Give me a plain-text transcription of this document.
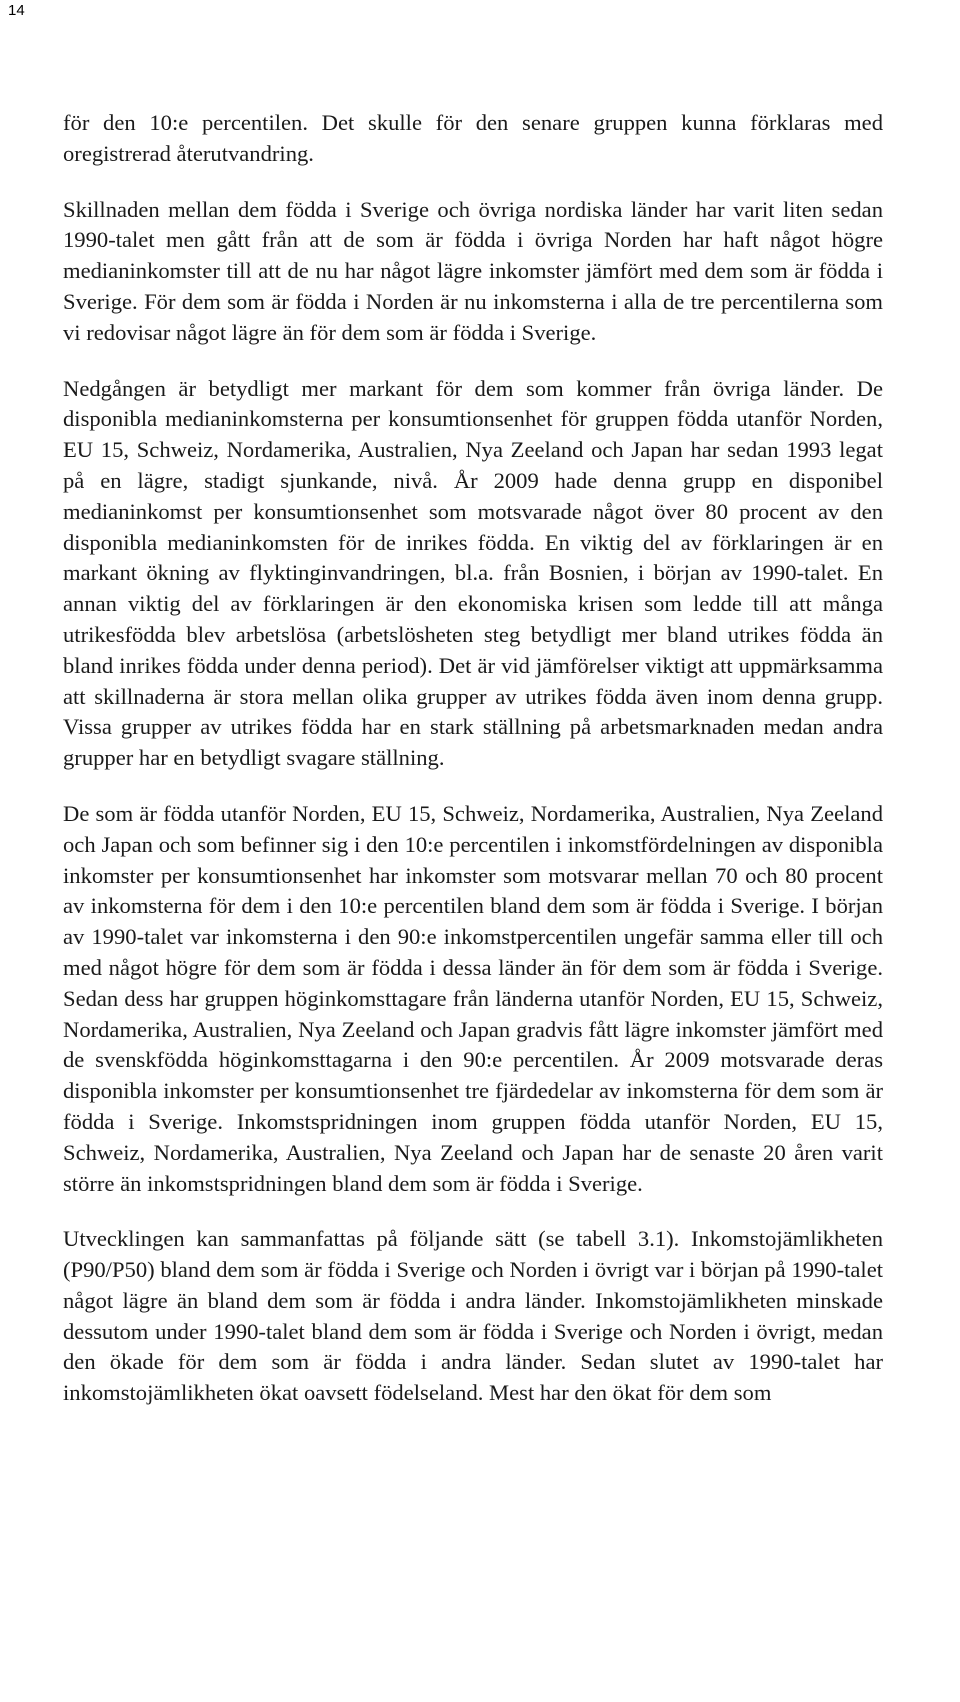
14

för den 10:e percentilen. Det skulle för den senare gruppen kunna förklaras med oregistrerad återutvandring.

Skillnaden mellan dem födda i Sverige och övriga nordiska länder har varit liten sedan 1990-talet men gått från att de som är födda i övriga Norden har haft något högre medianinkomster till att de nu har något lägre inkomster jämfört med dem som är födda i Sverige. För dem som är födda i Norden är nu inkomsterna i alla de tre percentilerna som vi redovisar något lägre än för dem som är födda i Sverige.

Nedgången är betydligt mer markant för dem som kommer från övriga länder. De disponibla medianinkomsterna per konsumtionsenhet för gruppen födda utanför Norden, EU 15, Schweiz, Nordamerika, Australien, Nya Zeeland och Japan har sedan 1993 legat på en lägre, stadigt sjunkande, nivå. År 2009 hade denna grupp en disponibel medianinkomst per konsumtionsenhet som motsvarade något över 80 procent av den disponibla medianinkomsten för de inrikes födda. En viktig del av förklaringen är en markant ökning av flyktinginvandringen, bl.a. från Bosnien, i början av 1990-talet. En annan viktig del av förklaringen är den ekonomiska krisen som ledde till att många utrikesfödda blev arbetslösa (arbetslösheten steg betydligt mer bland utrikes födda än bland inrikes födda under denna period). Det är vid jämförelser viktigt att uppmärksamma att skillnaderna är stora mellan olika grupper av utrikes födda även inom denna grupp. Vissa grupper av utrikes födda har en stark ställning på arbetsmarknaden medan andra grupper har en betydligt svagare ställning.

De som är födda utanför Norden, EU 15, Schweiz, Nordamerika, Australien, Nya Zeeland och Japan och som befinner sig i den 10:e percentilen i inkomstfördelningen av disponibla inkomster per konsumtionsenhet har inkomster som motsvarar mellan 70 och 80 procent av inkomsterna för dem i den 10:e percentilen bland dem som är födda i Sverige. I början av 1990-talet var inkomsterna i den 90:e inkomstpercentilen ungefär samma eller till och med något högre för dem som är födda i dessa länder än för dem som är födda i Sverige. Sedan dess har gruppen höginkomsttagare från länderna utanför Norden, EU 15, Schweiz, Nordamerika, Australien, Nya Zeeland och Japan gradvis fått lägre inkomster jämfört med de svenskfödda höginkomsttagarna i den 90:e percentilen. År 2009 motsvarade deras disponibla inkomster per konsumtionsenhet tre fjärdedelar av inkomsterna för dem som är födda i Sverige. Inkomstspridningen inom gruppen födda utanför Norden, EU 15, Schweiz, Nordamerika, Australien, Nya Zeeland och Japan har de senaste 20 åren varit större än inkomstspridningen bland dem som är födda i Sverige.

Utvecklingen kan sammanfattas på följande sätt (se tabell 3.1). Inkomstojämlikheten (P90/P50) bland dem som är födda i Sverige och Norden i övrigt var i början på 1990-talet något lägre än bland dem som är födda i andra länder. Inkomstojämlikheten minskade dessutom under 1990-talet bland dem som är födda i Sverige och Norden i övrigt, medan den ökade för dem som är födda i andra länder. Sedan slutet av 1990-talet har inkomstojämlikheten ökat oavsett födelseland. Mest har den ökat för dem som
